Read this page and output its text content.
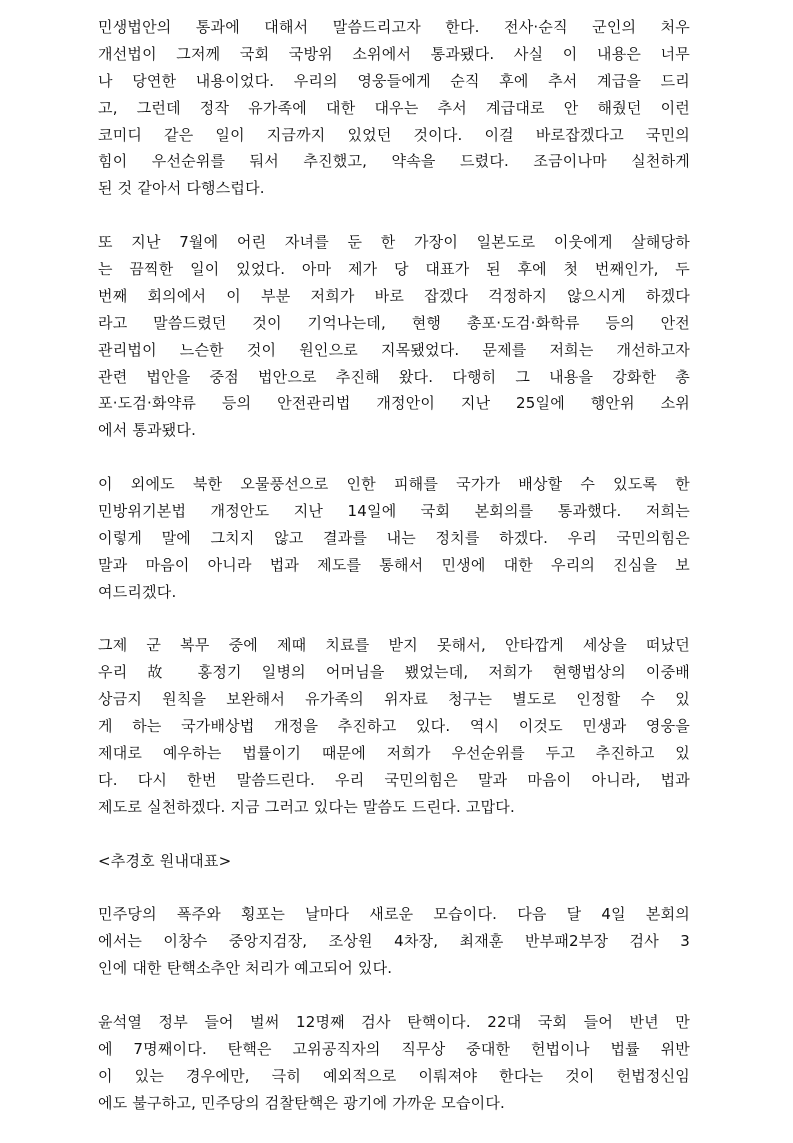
민생법안의 통과에 대해서 말씀드리고자 한다. 전사·순직 군인의 처우
개선법이 그저께 국회 국방위 소위에서 통과됐다. 사실 이 내용은 너무
나 당연한 내용이었다. 우리의 영웅들에게 순직 후에 추서 계급을 드리
고, 그런데 정작 유가족에 대한 대우는 추서 계급대로 안 해줬던 이런
코미디 같은 일이 지금까지 있었던 것이다. 이걸 바로잡겠다고 국민의
힘이 우선순위를 둬서 추진했고, 약속을 드렸다. 조금이나마 실천하게
된 것 같아서 다행스럽다.
또 지난 7월에 어린 자녀를 둔 한 가장이 일본도로 이웃에게 살해당하
는 끔찍한 일이 있었다. 아마 제가 당 대표가 된 후에 첫 번째인가, 두
번째 회의에서 이 부분 저희가 바로 잡겠다 걱정하지 않으시게 하겠다
라고 말씀드렸던 것이 기억나는데, 현행 총포·도검·화학류 등의 안전
관리법이 느슨한 것이 원인으로 지목됐었다. 문제를 저희는 개선하고자
관련 법안을 중점 법안으로 추진해 왔다. 다행히 그 내용을 강화한 총
포·도검·화약류 등의 안전관리법 개정안이 지난 25일에 행안위 소위
에서 통과됐다.
이 외에도 북한 오물풍선으로 인한 피해를 국가가 배상할 수 있도록 한
민방위기본법 개정안도 지난 14일에 국회 본회의를 통과했다. 저희는
이렇게 말에 그치지 않고 결과를 내는 정치를 하겠다. 우리 국민의힘은
말과 마음이 아니라 법과 제도를 통해서 민생에 대한 우리의 진심을 보
여드리겠다.
그제 군 복무 중에 제때 치료를 받지 못해서, 안타깝게 세상을 떠났던
우리 故 홍정기 일병의 어머님을 뵀었는데, 저희가 현행법상의 이중배
상금지 원칙을 보완해서 유가족의 위자료 청구는 별도로 인정할 수 있
게 하는 국가배상법 개정을 추진하고 있다. 역시 이것도 민생과 영웅을
제대로 예우하는 법률이기 때문에 저희가 우선순위를 두고 추진하고 있
다. 다시 한번 말씀드린다. 우리 국민의힘은 말과 마음이 아니라, 법과
제도로 실천하겠다. 지금 그러고 있다는 말씀도 드린다. 고맙다.
<추경호 원내대표>
민주당의 폭주와 횡포는 날마다 새로운 모습이다. 다음 달 4일 본회의
에서는 이창수 중앙지검장, 조상원 4차장, 최재훈 반부패2부장 검사 3
인에 대한 탄핵소추안 처리가 예고되어 있다.
윤석열 정부 들어 벌써 12명째 검사 탄핵이다. 22대 국회 들어 반년 만
에 7명째이다. 탄핵은 고위공직자의 직무상 중대한 헌법이나 법률 위반
이 있는 경우에만, 극히 예외적으로 이뤄져야 한다는 것이 헌법정신임
에도 불구하고, 민주당의 검찰탄핵은 광기에 가까운 모습이다.
